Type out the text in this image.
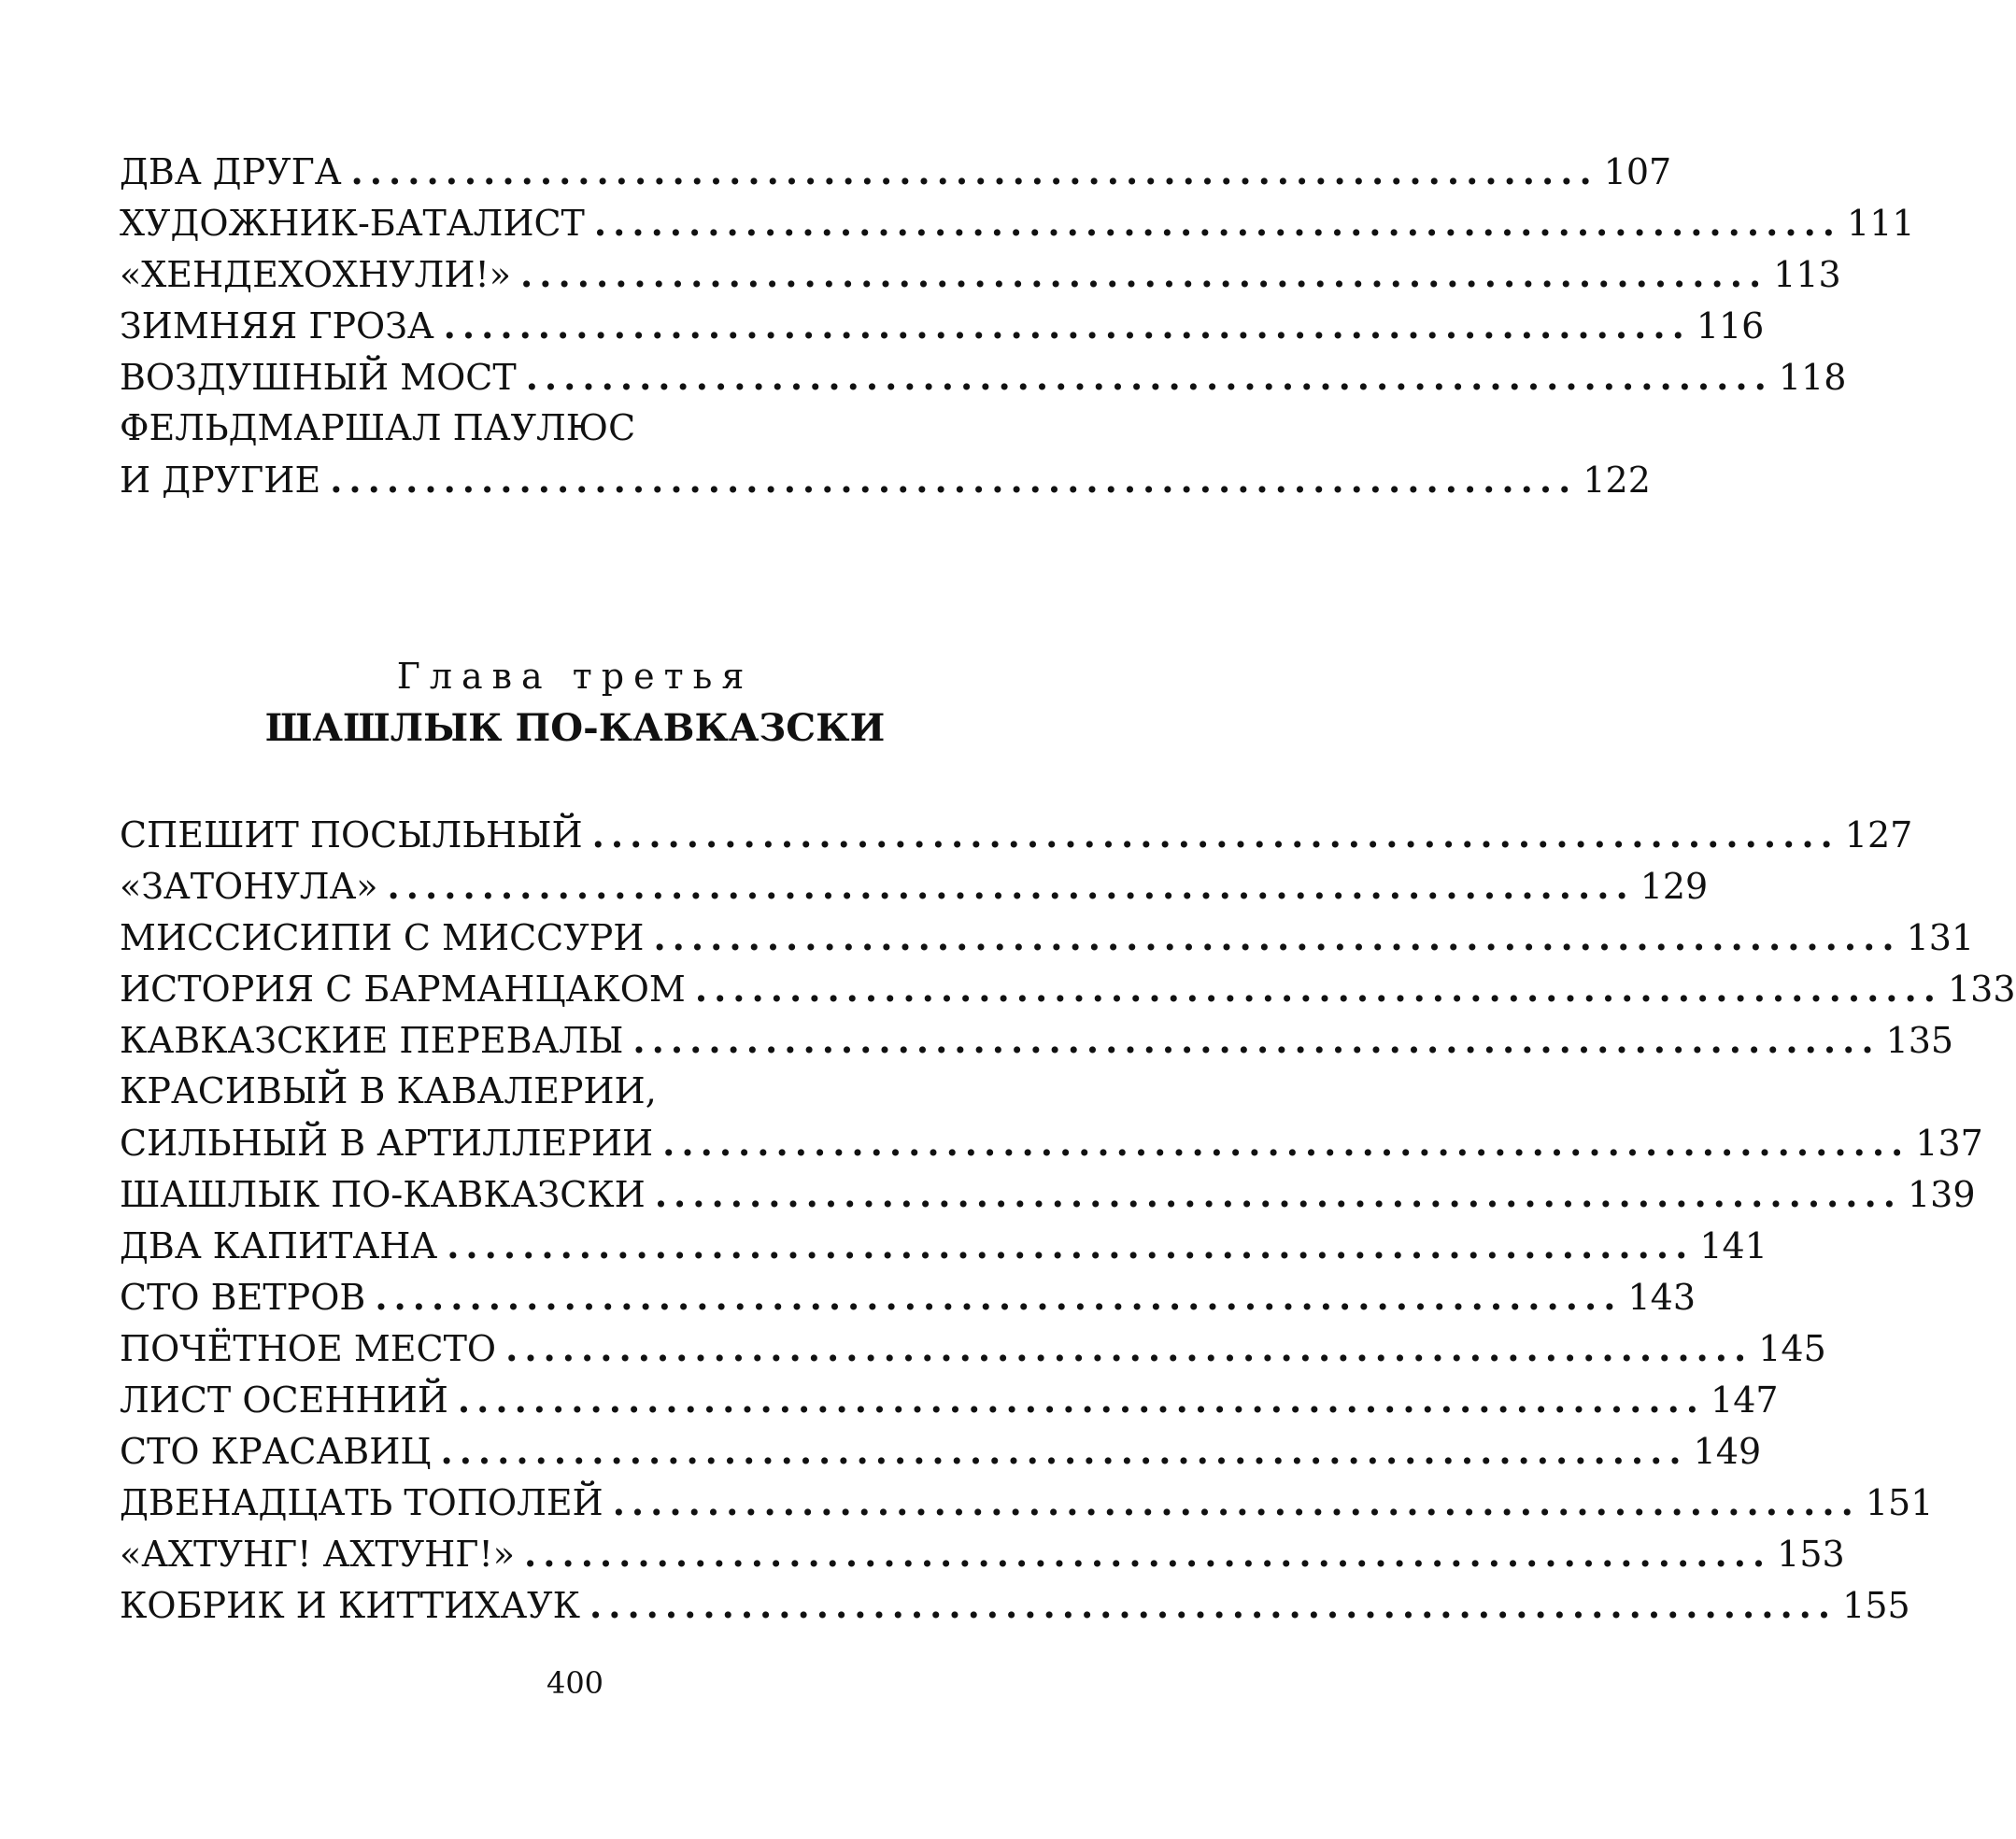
ДВА ДРУГА .................................................................. 107
ХУДОЖНИК-БАТАЛИСТ .................................................................. 111
«ХЕНДЕХОХНУЛИ!» .................................................................. 113
ЗИМНЯЯ ГРОЗА .................................................................. 116
ВОЗДУШНЫЙ МОСТ .................................................................. 118
ФЕЛЬДМАРШАЛ ПАУЛЮС
И ДРУГИЕ .................................................................. 122
Глава третья
ШАШЛЫК ПО-КАВКАЗСКИ
СПЕШИТ ПОСЫЛЬНЫЙ .................................................................. 127
«ЗАТОНУЛА» .................................................................. 129
МИССИСИПИ С МИССУРИ .................................................................. 131
ИСТОРИЯ С БАРМАНЦАКОМ .................................................................. 133
КАВКАЗСКИЕ ПЕРЕВАЛЫ .................................................................. 135
КРАСИВЫЙ В КАВАЛЕРИИ,
СИЛЬНЫЙ В АРТИЛЛЕРИИ .................................................................. 137
ШАШЛЫК ПО-КАВКАЗСКИ .................................................................. 139
ДВА КАПИТАНА .................................................................. 141
СТО ВЕТРОВ .................................................................. 143
ПОЧЁТНОЕ МЕСТО .................................................................. 145
ЛИСТ ОСЕННИЙ .................................................................. 147
СТО КРАСАВИЦ .................................................................. 149
ДВЕНАДЦАТЬ ТОПОЛЕЙ .................................................................. 151
«АХТУНГ! АХТУНГ!» .................................................................. 153
КОБРИК И КИТТИХАУК .................................................................. 155
400
